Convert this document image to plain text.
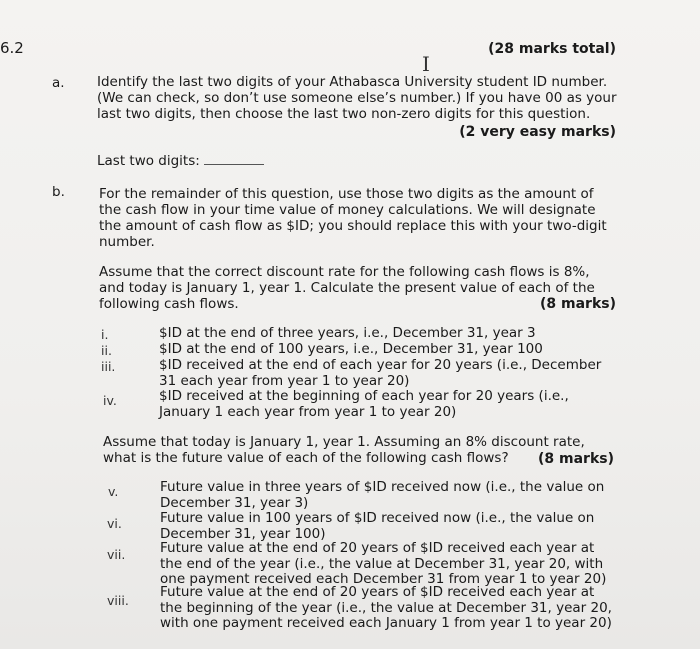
6.2	(28 marks total)
I
a. Identify the last two digits of your Athabasca University student ID number. (We can check, so don’t use someone else’s number.) If you have 00 as your last two digits, then choose the last two non-zero digits for this question.
(2 very easy marks)
Last two digits:
b.	For the remainder of this question, use those two digits as the amount of the cash flow in your time value of money calculations. We will designate the amount of cash flow as $ID; you should replace this with your two-digit number.
Assume that the correct discount rate for the following cash flows is 8%, and today is January 1, year 1. Calculate the present value of each of the following cash flows.	(8 marks)
i.	$ID at the end of three years, i.e., December 31, year 3
ii.	$ID at the end of 100 years, i.e., December 31, year 100
iii.	$ID received at the end of each year for 20 years (i.e., December 31 each year from year 1 to year 20)
iv.	$ID received at the beginning of each year for 20 years (i.e., January 1 each year from year 1 to year 20)
Assume that today is January 1, year 1. Assuming an 8% discount rate, what is the future value of each of the following cash flows?	(8 marks)
v.	Future value in three years of $ID received now (i.e., the value on December 31, year 3)
vi.	Future value in 100 years of $ID received now (i.e., the value on December 31, year 100)
vii.	Future value at the end of 20 years of $ID received each year at the end of the year (i.e., the value at December 31, year 20, with one payment received each December 31 from year 1 to year 20)
viii.
Future value at the end of 20 years of $ID received each year at the beginning of the year (i.e., the value at December 31, year 20, with one payment received each January 1 from year 1 to year 20)
